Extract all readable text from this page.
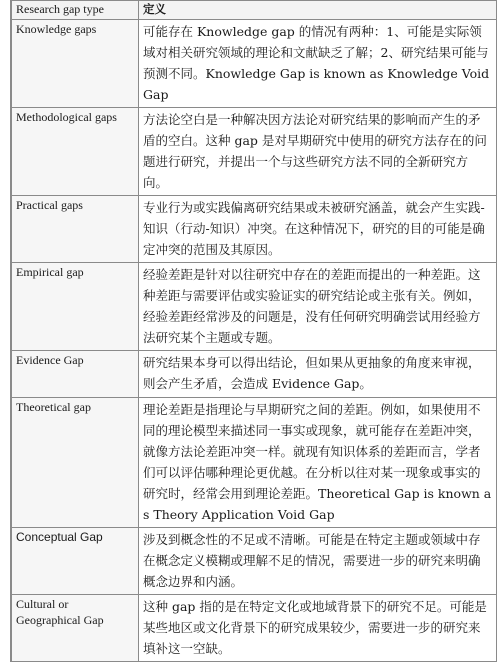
Research gap type	定义
Knowledge gaps	可能存在 Knowledge gap 的情况有两种：1、可能是实际领域对相关研究领域的理论和文献缺乏了解；2、研究结果可能与预测不同。Knowledge Gap is known as Knowledge Void Gap

Methodological gaps	方法论空白是一种解决因方法论对研究结果的影响而产生的矛盾的空白。这种 gap 是对早期研究中使用的研究方法存在的问题进行研究，并提出一个与这些研究方法不同的全新研究方向。

Practical gaps	专业行为或实践偏离研究结果或未被研究涵盖，就会产生实践-知识（行动-知识）冲突。在这种情况下，研究的目的可能是确定冲突的范围及其原因。

Empirical gap	经验差距是针对以往研究中存在的差距而提出的一种差距。这种差距与需要评估或实验证实的研究结论或主张有关。例如，经验差距经常涉及的问题是，没有任何研究明确尝试用经验方法研究某个主题或专题。

Evidence Gap	研究结果本身可以得出结论，但如果从更抽象的角度来审视，则会产生矛盾，会造成 Evidence Gap。

Theoretical gap	理论差距是指理论与早期研究之间的差距。例如，如果使用不同的理论模型来描述同一事实或现象，就可能存在差距冲突，就像方法论差距冲突一样。就现有知识体系的差距而言，学者们可以评估哪种理论更优越。在分析以往对某一现象或事实的研究时，经常会用到理论差距。Theoretical Gap is known as Theory Application Void Gap

Conceptual Gap	涉及到概念性的不足或不清晰。可能是在特定主题或领域中存在概念定义模糊或理解不足的情况，需要进一步的研究来明确概念边界和内涵。

Cultural or Geographical Gap	这种 gap 指的是在特定文化或地域背景下的研究不足。可能是某些地区或文化背景下的研究成果较少，需要进一步的研究来填补这一空缺。
